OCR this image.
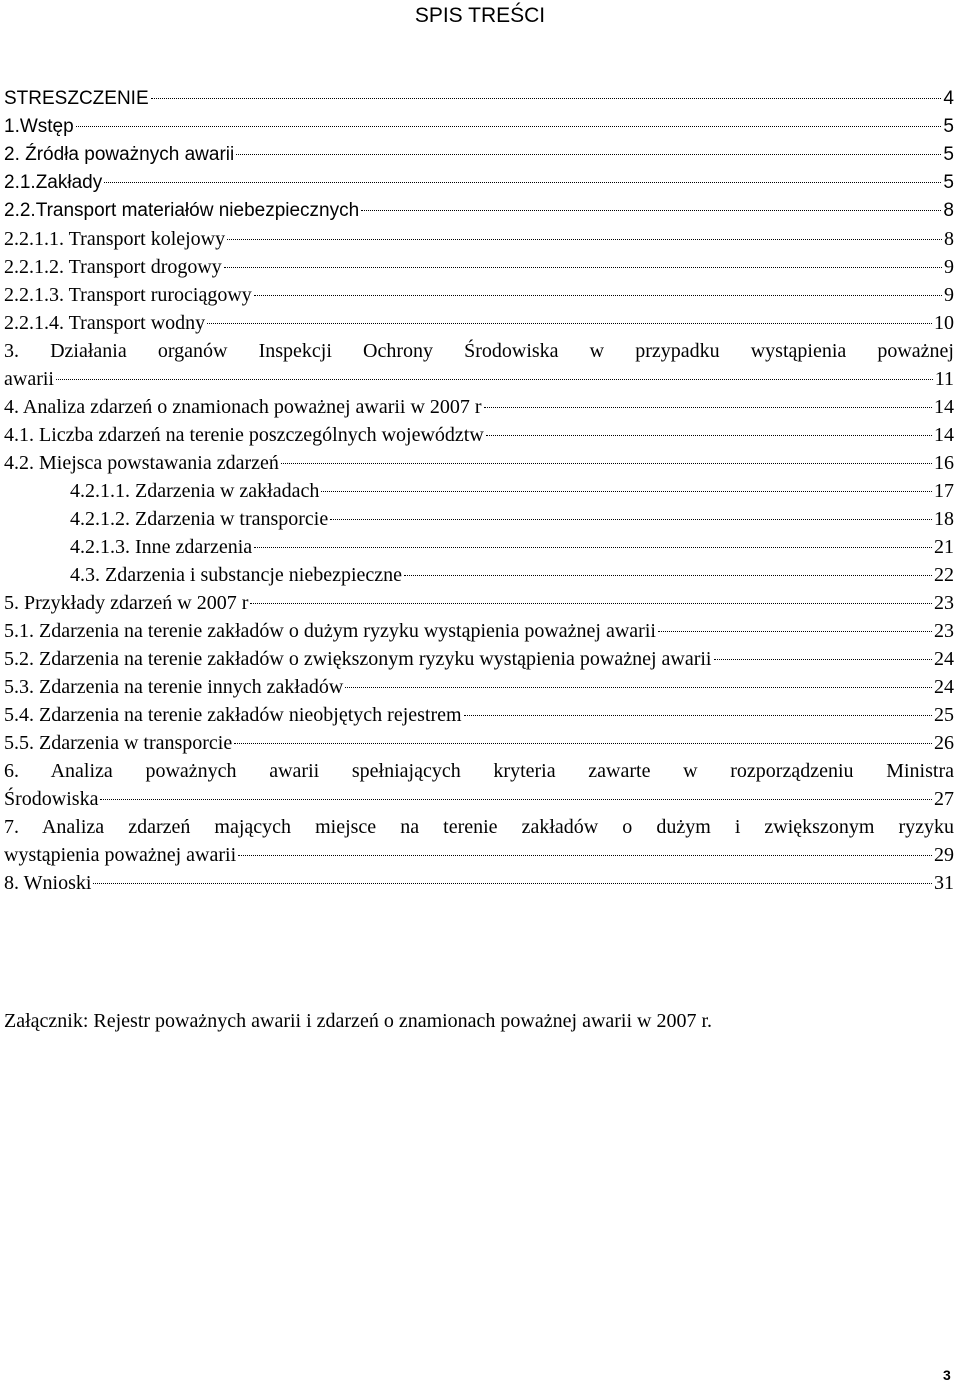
SPIS TREŚCI
STRESZCZENIE	4
1.Wstęp	5
2. Źródła poważnych awarii	5
2.1.Zakłady	5
2.2.Transport materiałów niebezpiecznych	8
2.2.1.1. Transport kolejowy	8
2.2.1.2. Transport drogowy	9
2.2.1.3. Transport rurociągowy	9
2.2.1.4. Transport wodny	10
3. Działania organów Inspekcji Ochrony Środowiska w przypadku wystąpienia poważnej
awarii	11
4. Analiza zdarzeń o znamionach poważnej awarii w 2007 r	14
4.1. Liczba zdarzeń na terenie poszczególnych województw	14
4.2. Miejsca powstawania zdarzeń	16
4.2.1.1. Zdarzenia w zakładach	17
4.2.1.2. Zdarzenia w transporcie	18
4.2.1.3. Inne zdarzenia	21
4.3. Zdarzenia i substancje niebezpieczne	22
5. Przykłady zdarzeń w 2007 r	23
5.1. Zdarzenia na terenie zakładów o dużym ryzyku wystąpienia poważnej awarii	23
5.2. Zdarzenia na terenie zakładów o zwiększonym ryzyku wystąpienia poważnej awarii	24
5.3. Zdarzenia na terenie innych zakładów	24
5.4. Zdarzenia na terenie zakładów nieobjętych rejestrem	25
5.5. Zdarzenia w transporcie	26
6. Analiza poważnych awarii spełniających kryteria zawarte w rozporządzeniu Ministra
Środowiska	27
7. Analiza zdarzeń mających miejsce na terenie zakładów o dużym i zwiększonym ryzyku
wystąpienia poważnej awarii	29
8. Wnioski	31
Załącznik: Rejestr poważnych awarii i zdarzeń o znamionach poważnej awarii w 2007 r.
3
